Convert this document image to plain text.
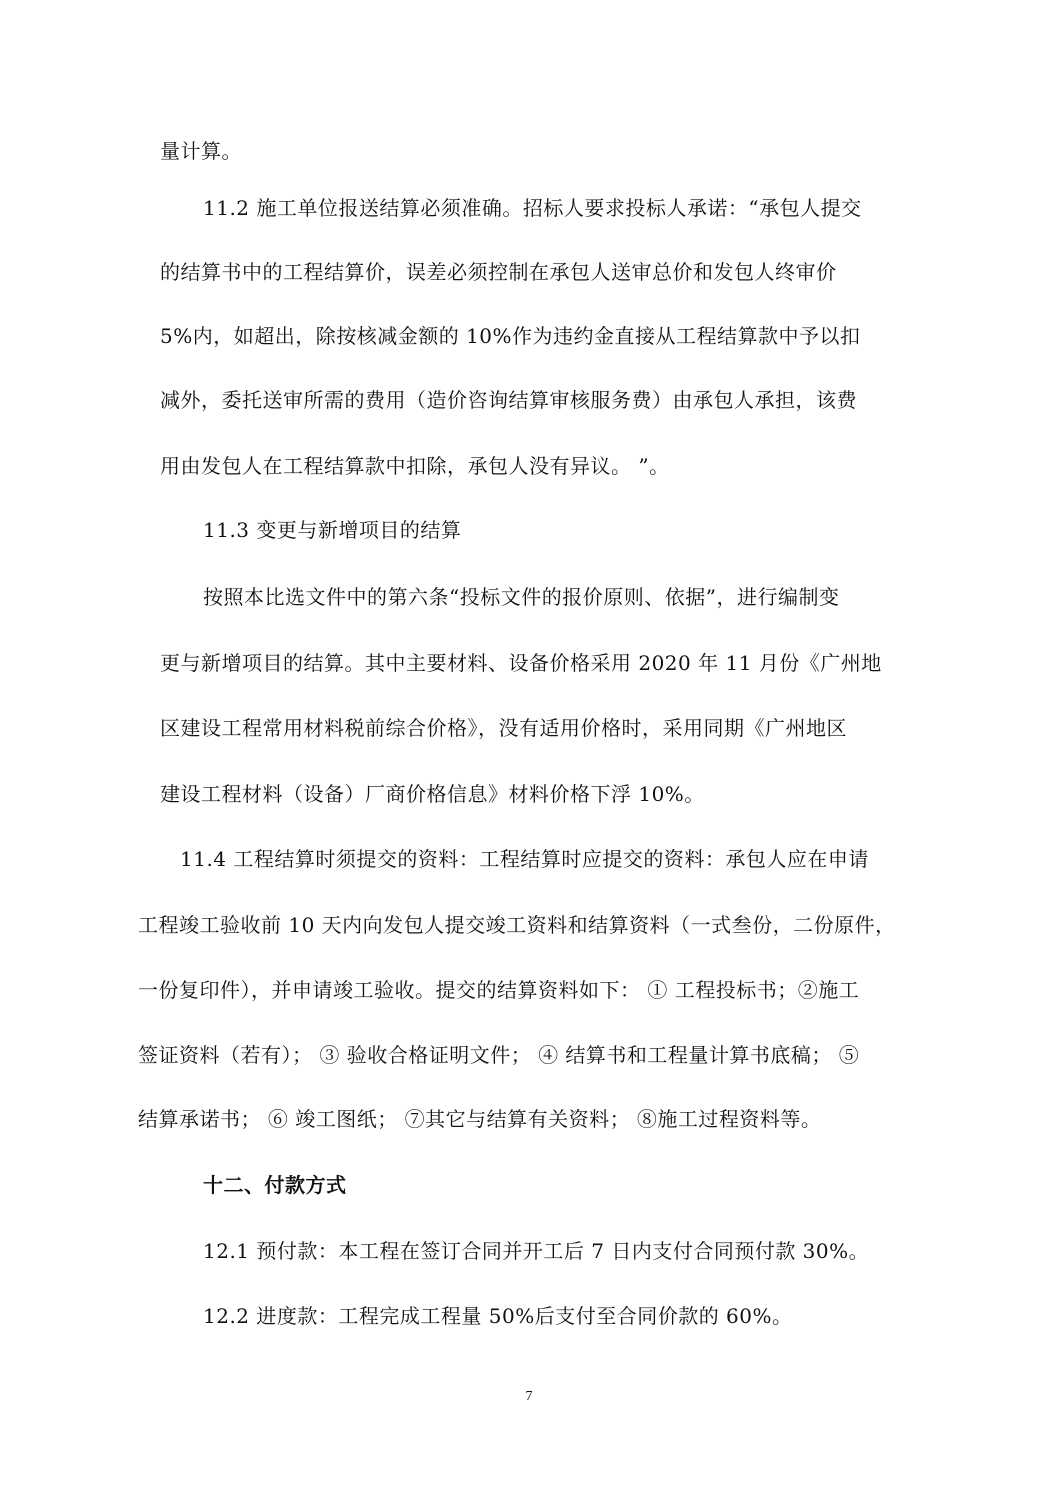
量计算。
11.2 施工单位报送结算必须准确。招标人要求投标人承诺：“承包人提交
的结算书中的工程结算价，误差必须控制在承包人送审总价和发包人终审价
5%内，如超出，除按核减金额的 10%作为违约金直接从工程结算款中予以扣
减外，委托送审所需的费用（造价咨询结算审核服务费）由承包人承担，该费
用由发包人在工程结算款中扣除，承包人没有异议。 ”。
11.3 变更与新增项目的结算
按照本比选文件中的第六条“投标文件的报价原则、依据”，进行编制变
更与新增项目的结算。其中主要材料、设备价格采用 2020 年 11 月份《广州地
区建设工程常用材料税前综合价格》，没有适用价格时，采用同期《广州地区
建设工程材料（设备）厂商价格信息》材料价格下浮 10%。
11.4 工程结算时须提交的资料：工程结算时应提交的资料：承包人应在申请
工程竣工验收前 10 天内向发包人提交竣工资料和结算资料（一式叁份，二份原件，
一份复印件），并申请竣工验收。提交的结算资料如下： ① 工程投标书；②施工
签证资料（若有）； ③ 验收合格证明文件； ④ 结算书和工程量计算书底稿； ⑤
结算承诺书； ⑥ 竣工图纸； ⑦其它与结算有关资料； ⑧施工过程资料等。
十二、付款方式
12.1 预付款：本工程在签订合同并开工后 7 日内支付合同预付款 30%。
12.2 进度款：工程完成工程量 50%后支付至合同价款的 60%。
7
